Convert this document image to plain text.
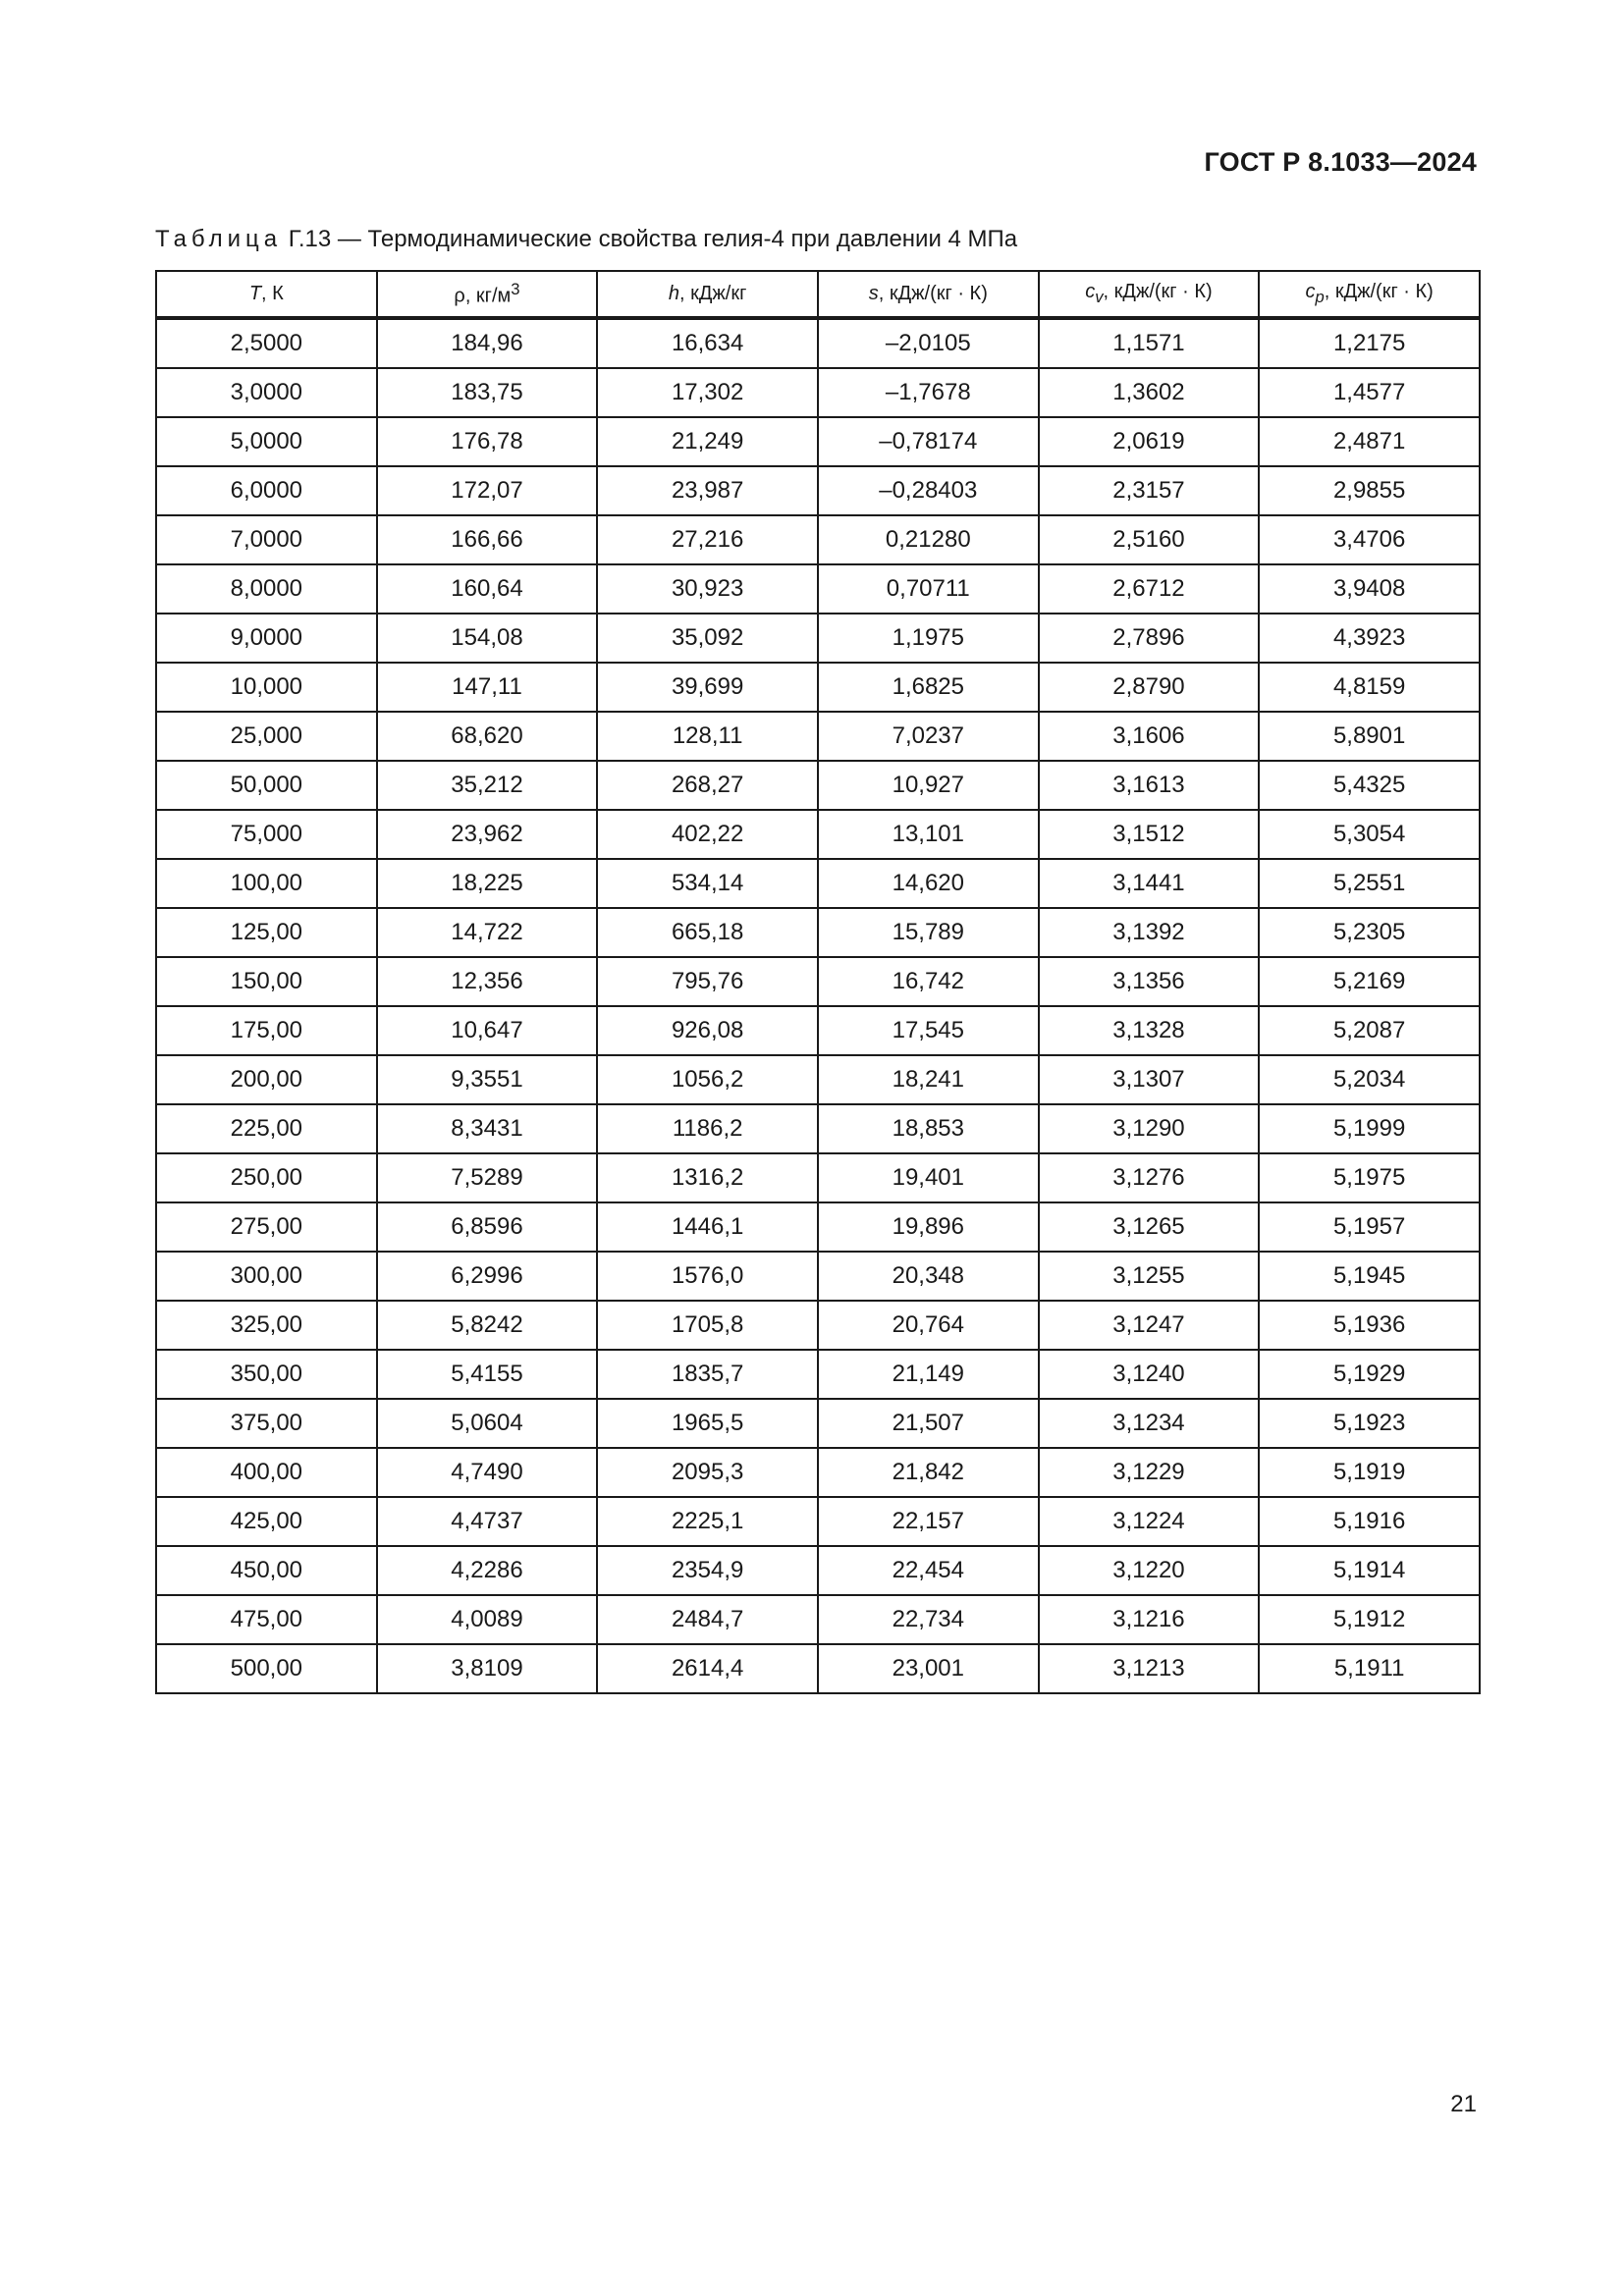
ГОСТ Р 8.1033—2024
Таблица Г.13 — Термодинамические свойства гелия-4 при давлении 4 МПа
T, К	ρ, $кг/м^3$	h, кДж/кг	s, кДж/(кг · К)	$c_v$, кДж/(кг · К)	$c_p$, кДж/(кг · К)
2,5000	184,96	16,634	–2,0105	1,1571	1,2175
3,0000	183,75	17,302	–1,7678	1,3602	1,4577
5,0000	176,78	21,249	–0,78174	2,0619	2,4871
6,0000	172,07	23,987	–0,28403	2,3157	2,9855
7,0000	166,66	27,216	0,21280	2,5160	3,4706
8,0000	160,64	30,923	0,70711	2,6712	3,9408
9,0000	154,08	35,092	1,1975	2,7896	4,3923
10,000	147,11	39,699	1,6825	2,8790	4,8159
25,000	68,620	128,11	7,0237	3,1606	5,8901
50,000	35,212	268,27	10,927	3,1613	5,4325
75,000	23,962	402,22	13,101	3,1512	5,3054
100,00	18,225	534,14	14,620	3,1441	5,2551
125,00	14,722	665,18	15,789	3,1392	5,2305
150,00	12,356	795,76	16,742	3,1356	5,2169
175,00	10,647	926,08	17,545	3,1328	5,2087
200,00	9,3551	1056,2	18,241	3,1307	5,2034
225,00	8,3431	1186,2	18,853	3,1290	5,1999
250,00	7,5289	1316,2	19,401	3,1276	5,1975
275,00	6,8596	1446,1	19,896	3,1265	5,1957
300,00	6,2996	1576,0	20,348	3,1255	5,1945
325,00	5,8242	1705,8	20,764	3,1247	5,1936
350,00	5,4155	1835,7	21,149	3,1240	5,1929
375,00	5,0604	1965,5	21,507	3,1234	5,1923
400,00	4,7490	2095,3	21,842	3,1229	5,1919
425,00	4,4737	2225,1	22,157	3,1224	5,1916
450,00	4,2286	2354,9	22,454	3,1220	5,1914
475,00	4,0089	2484,7	22,734	3,1216	5,1912
500,00	3,8109	2614,4	23,001	3,1213	5,1911
21
